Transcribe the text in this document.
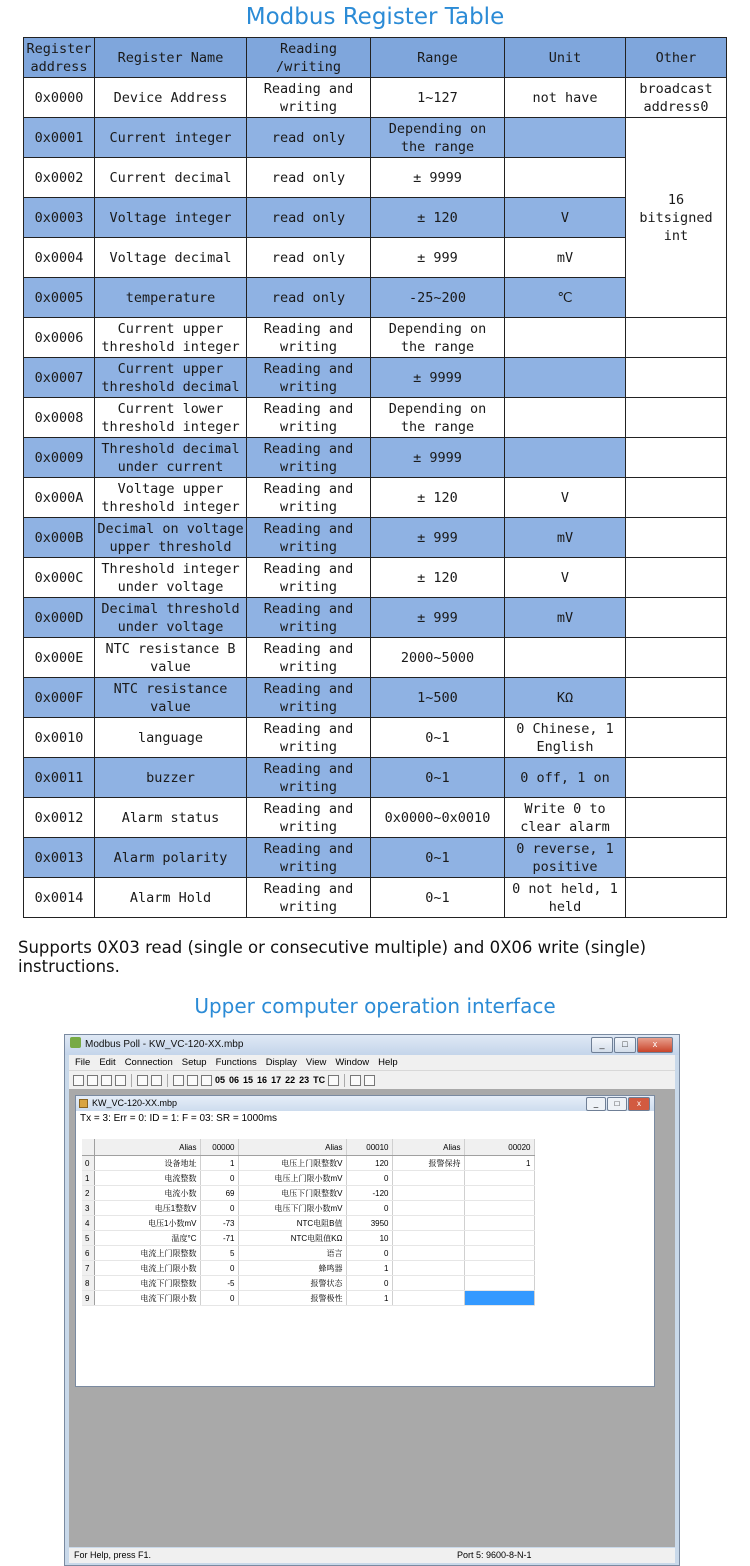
Modbus Register Table
Register address	Register Name	Reading /writing	Range	Unit	Other
0x0000	Device Address	Reading and writing	1~127	not have	broadcast address0
0x0001	Current integer	read only	Depending on the range		16 bitsigned int
0x0002	Current decimal	read only	± 9999		
0x0003	Voltage integer	read only	± 120	V	
0x0004	Voltage decimal	read only	± 999	mV	
0x0005	temperature	read only	-25~200	℃	
0x0006	Current upper threshold integer	Reading and writing	Depending on the range		
0x0007	Current upper threshold decimal	Reading and writing	± 9999		
0x0008	Current lower threshold integer	Reading and writing	Depending on the range		
0x0009	Threshold decimal under current	Reading and writing	± 9999		
0x000A	Voltage upper threshold integer	Reading and writing	± 120	V	
0x000B	Decimal on voltage upper threshold	Reading and writing	± 999	mV	
0x000C	Threshold integer under voltage	Reading and writing	± 120	V	
0x000D	Decimal threshold under voltage	Reading and writing	± 999	mV	
0x000E	NTC resistance B value	Reading and writing	2000~5000		
0x000F	NTC resistance value	Reading and writing	1~500	KΩ	
0x0010	language	Reading and writing	0~1	0 Chinese, 1 English	
0x0011	buzzer	Reading and writing	0~1	0 off, 1 on	
0x0012	Alarm status	Reading and writing	0x0000~0x0010	Write 0 to clear alarm	
0x0013	Alarm polarity	Reading and writing	0~1	0 reverse, 1 positive	
0x0014	Alarm Hold	Reading and writing	0~1	0 not held, 1 held	
Supports 0X03 read (single or consecutive multiple) and 0X06 write (single) instructions.
Upper computer operation interface
Modbus Poll - KW_VC-120-XX.mbp	_	□	x
File Edit Connection Setup Functions Display View Window Help
05 06 15 16 17 22 23 TC
KW_VC-120-XX.mbp	_	□	x
Tx = 3: Err = 0: ID = 1: F = 03: SR = 1000ms
	Alias	00000	Alias	00010	Alias	00020
0	设备地址	1	电压上门限整数V	120	报警保持	1
1	电流整数	0	电压上门限小数mV	0		
2	电流小数	69	电压下门限整数V	-120		
3	电压1整数V	0	电压下门限小数mV	0		
4	电压1小数mV	-73	NTC电阻B值	3950		
5	温度°C	-71	NTC电阻值KΩ	10		
6	电流上门限整数	5	语言	0		
7	电流上门限小数	0	蜂鸣器	1		
8	电流下门限整数	-5	报警状态	0		
9	电流下门限小数	0	报警极性	1		
For Help, press F1.	Port 5: 9600-8-N-1
